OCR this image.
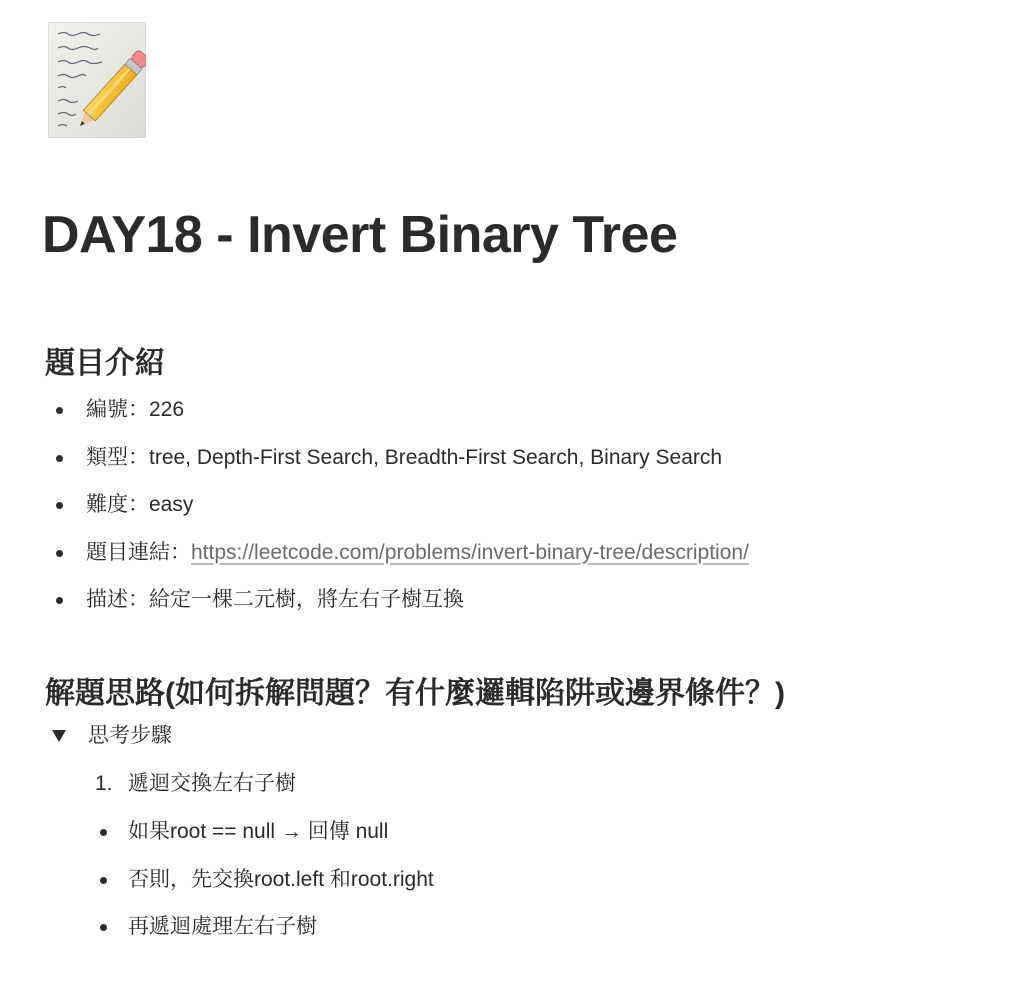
DAY18 - Invert Binary Tree
題目介紹
編號：226
類型：tree, Depth-First Search, Breadth-First Search, Binary Search
難度：easy
題目連結：https://leetcode.com/problems/invert-binary-tree/description/
描述：給定一棵二元樹，將左右子樹互換
解題思路(如何拆解問題？有什麼邏輯陷阱或邊界條件？)
思考步驟
1. 遞迴交換左右子樹
如果root == null → 回傳 null
否則，先交換root.left 和root.right
再遞迴處理左右子樹
